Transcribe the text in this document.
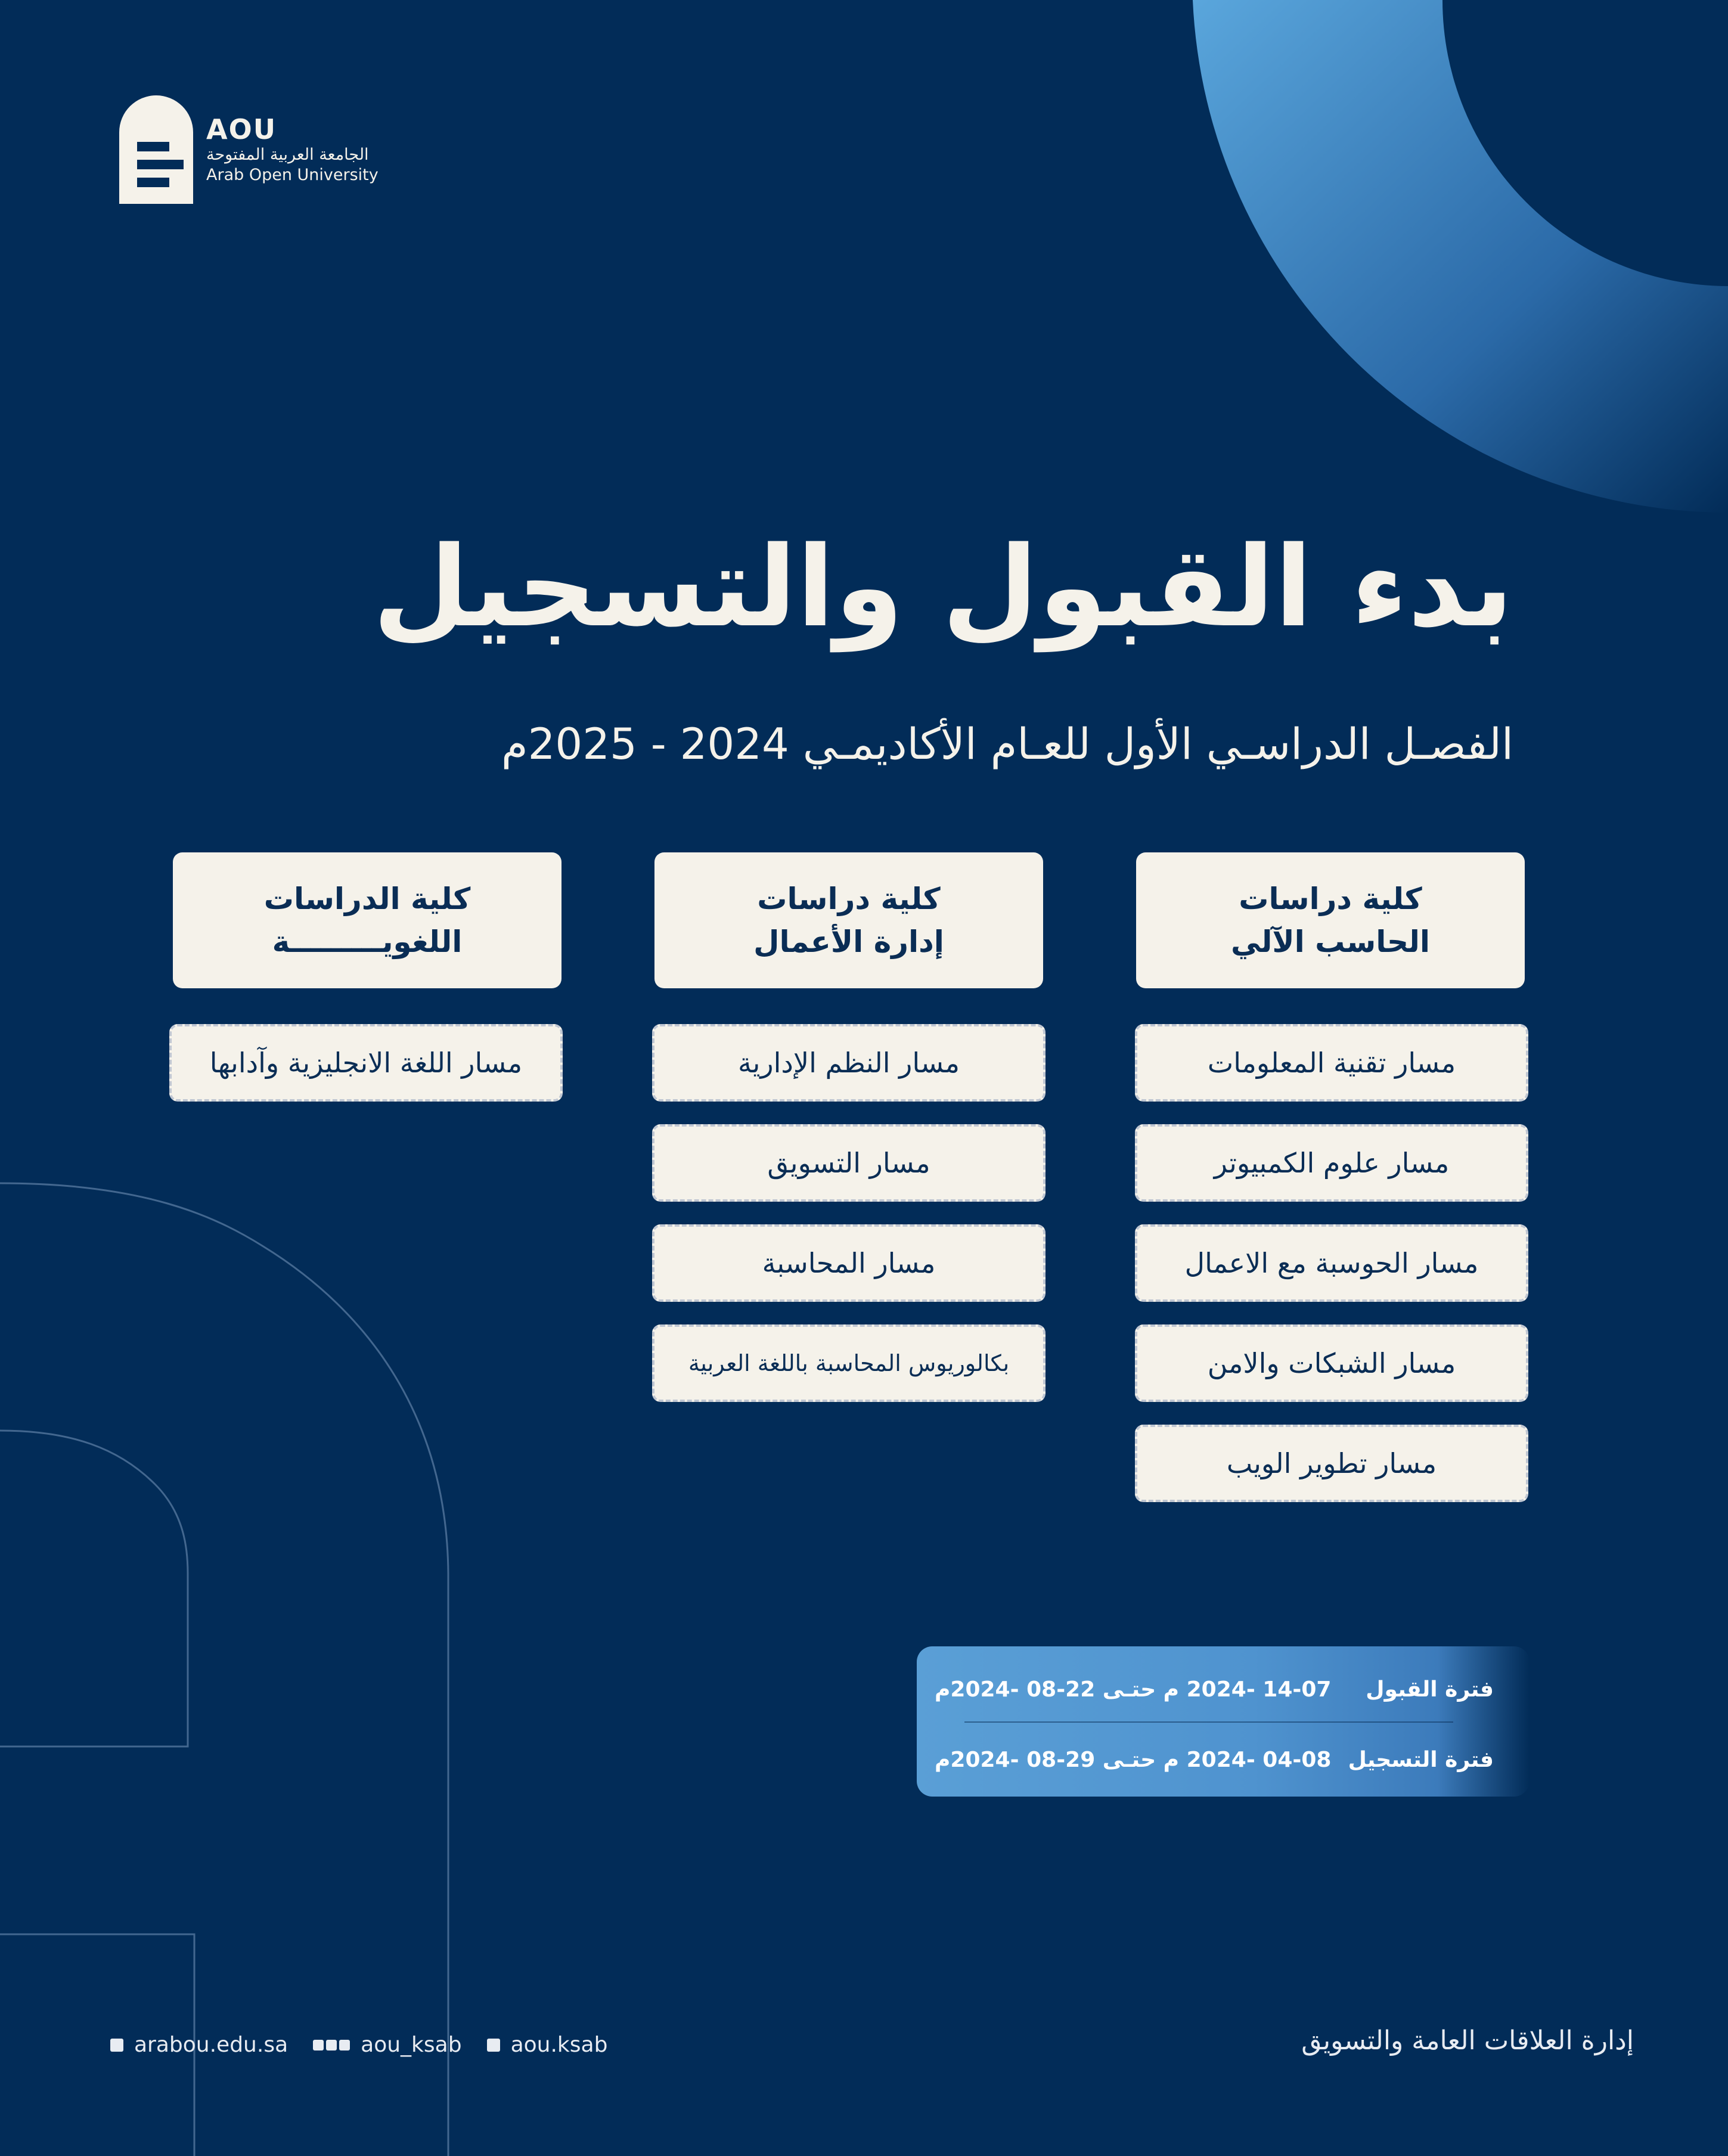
AOU
الجامعة العربية المفتوحة
Arab Open University
بدء القبول والتسجيل
الفصـل الدراسـي الأول للعـام الأكاديمـي 2024 - 2025م
كلية دراسات
الحاسب الآلي
كلية دراسات
إدارة الأعمال
كلية الدراسات
اللغويـــــــــة
مسار تقنية المعلومات
مسار علوم الكمبيوتر
مسار الحوسبة مع الاعمال
مسار الشبكات والامن
مسار تطوير الويب
مسار النظم الإدارية
مسار التسويق
مسار المحاسبة
بكالوريوس المحاسبة باللغة العربية
مسار اللغة الانجليزية وآدابها
فترة القبول
14-07 -2024 م حتـى 22-08 -2024م
فترة التسجيل
04-08 -2024 م حتـى 29-08 -2024م
arabou.edu.sa	aou_ksab aou.ksab	إدارة العلاقات العامة والتسويق
